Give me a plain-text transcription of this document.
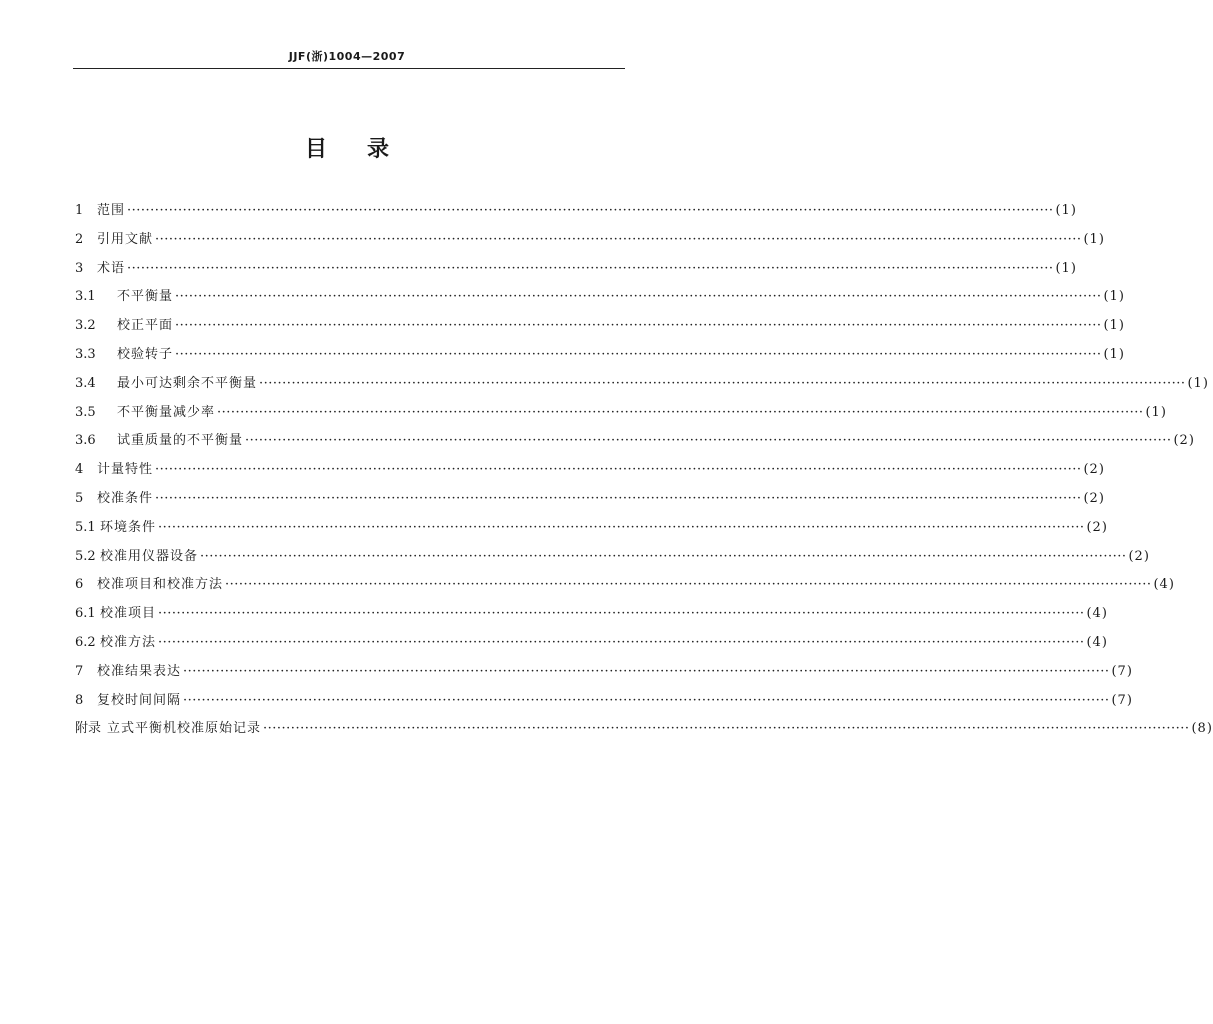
JJF(浙)1004—2007
目录
1	范围 ········································································································································································································ (1)
2	引用文献 ········································································································································································································ (1)
3	术语 ········································································································································································································ (1)
3.1	不平衡量 ········································································································································································································ (1)
3.2	校正平面 ········································································································································································································ (1)
3.3	校验转子 ········································································································································································································ (1)
3.4	最小可达剩余不平衡量 ········································································································································································································ (1)
3.5	不平衡量减少率 ········································································································································································································ (1)
3.6	试重质量的不平衡量 ········································································································································································································ (2)
4	计量特性 ········································································································································································································ (2)
5	校准条件 ········································································································································································································ (2)
5.1 环境条件 ········································································································································································································ (2)
5.2 校准用仪器设备 ········································································································································································································ (2)
6	校准项目和校准方法 ········································································································································································································ (4)
6.1 校准项目 ········································································································································································································ (4)
6.2 校准方法 ········································································································································································································ (4)
7	校准结果表达 ········································································································································································································ (7)
8	复校时间间隔 ········································································································································································································ (7)
附录 立式平衡机校准原始记录 ········································································································································································································ (8)
